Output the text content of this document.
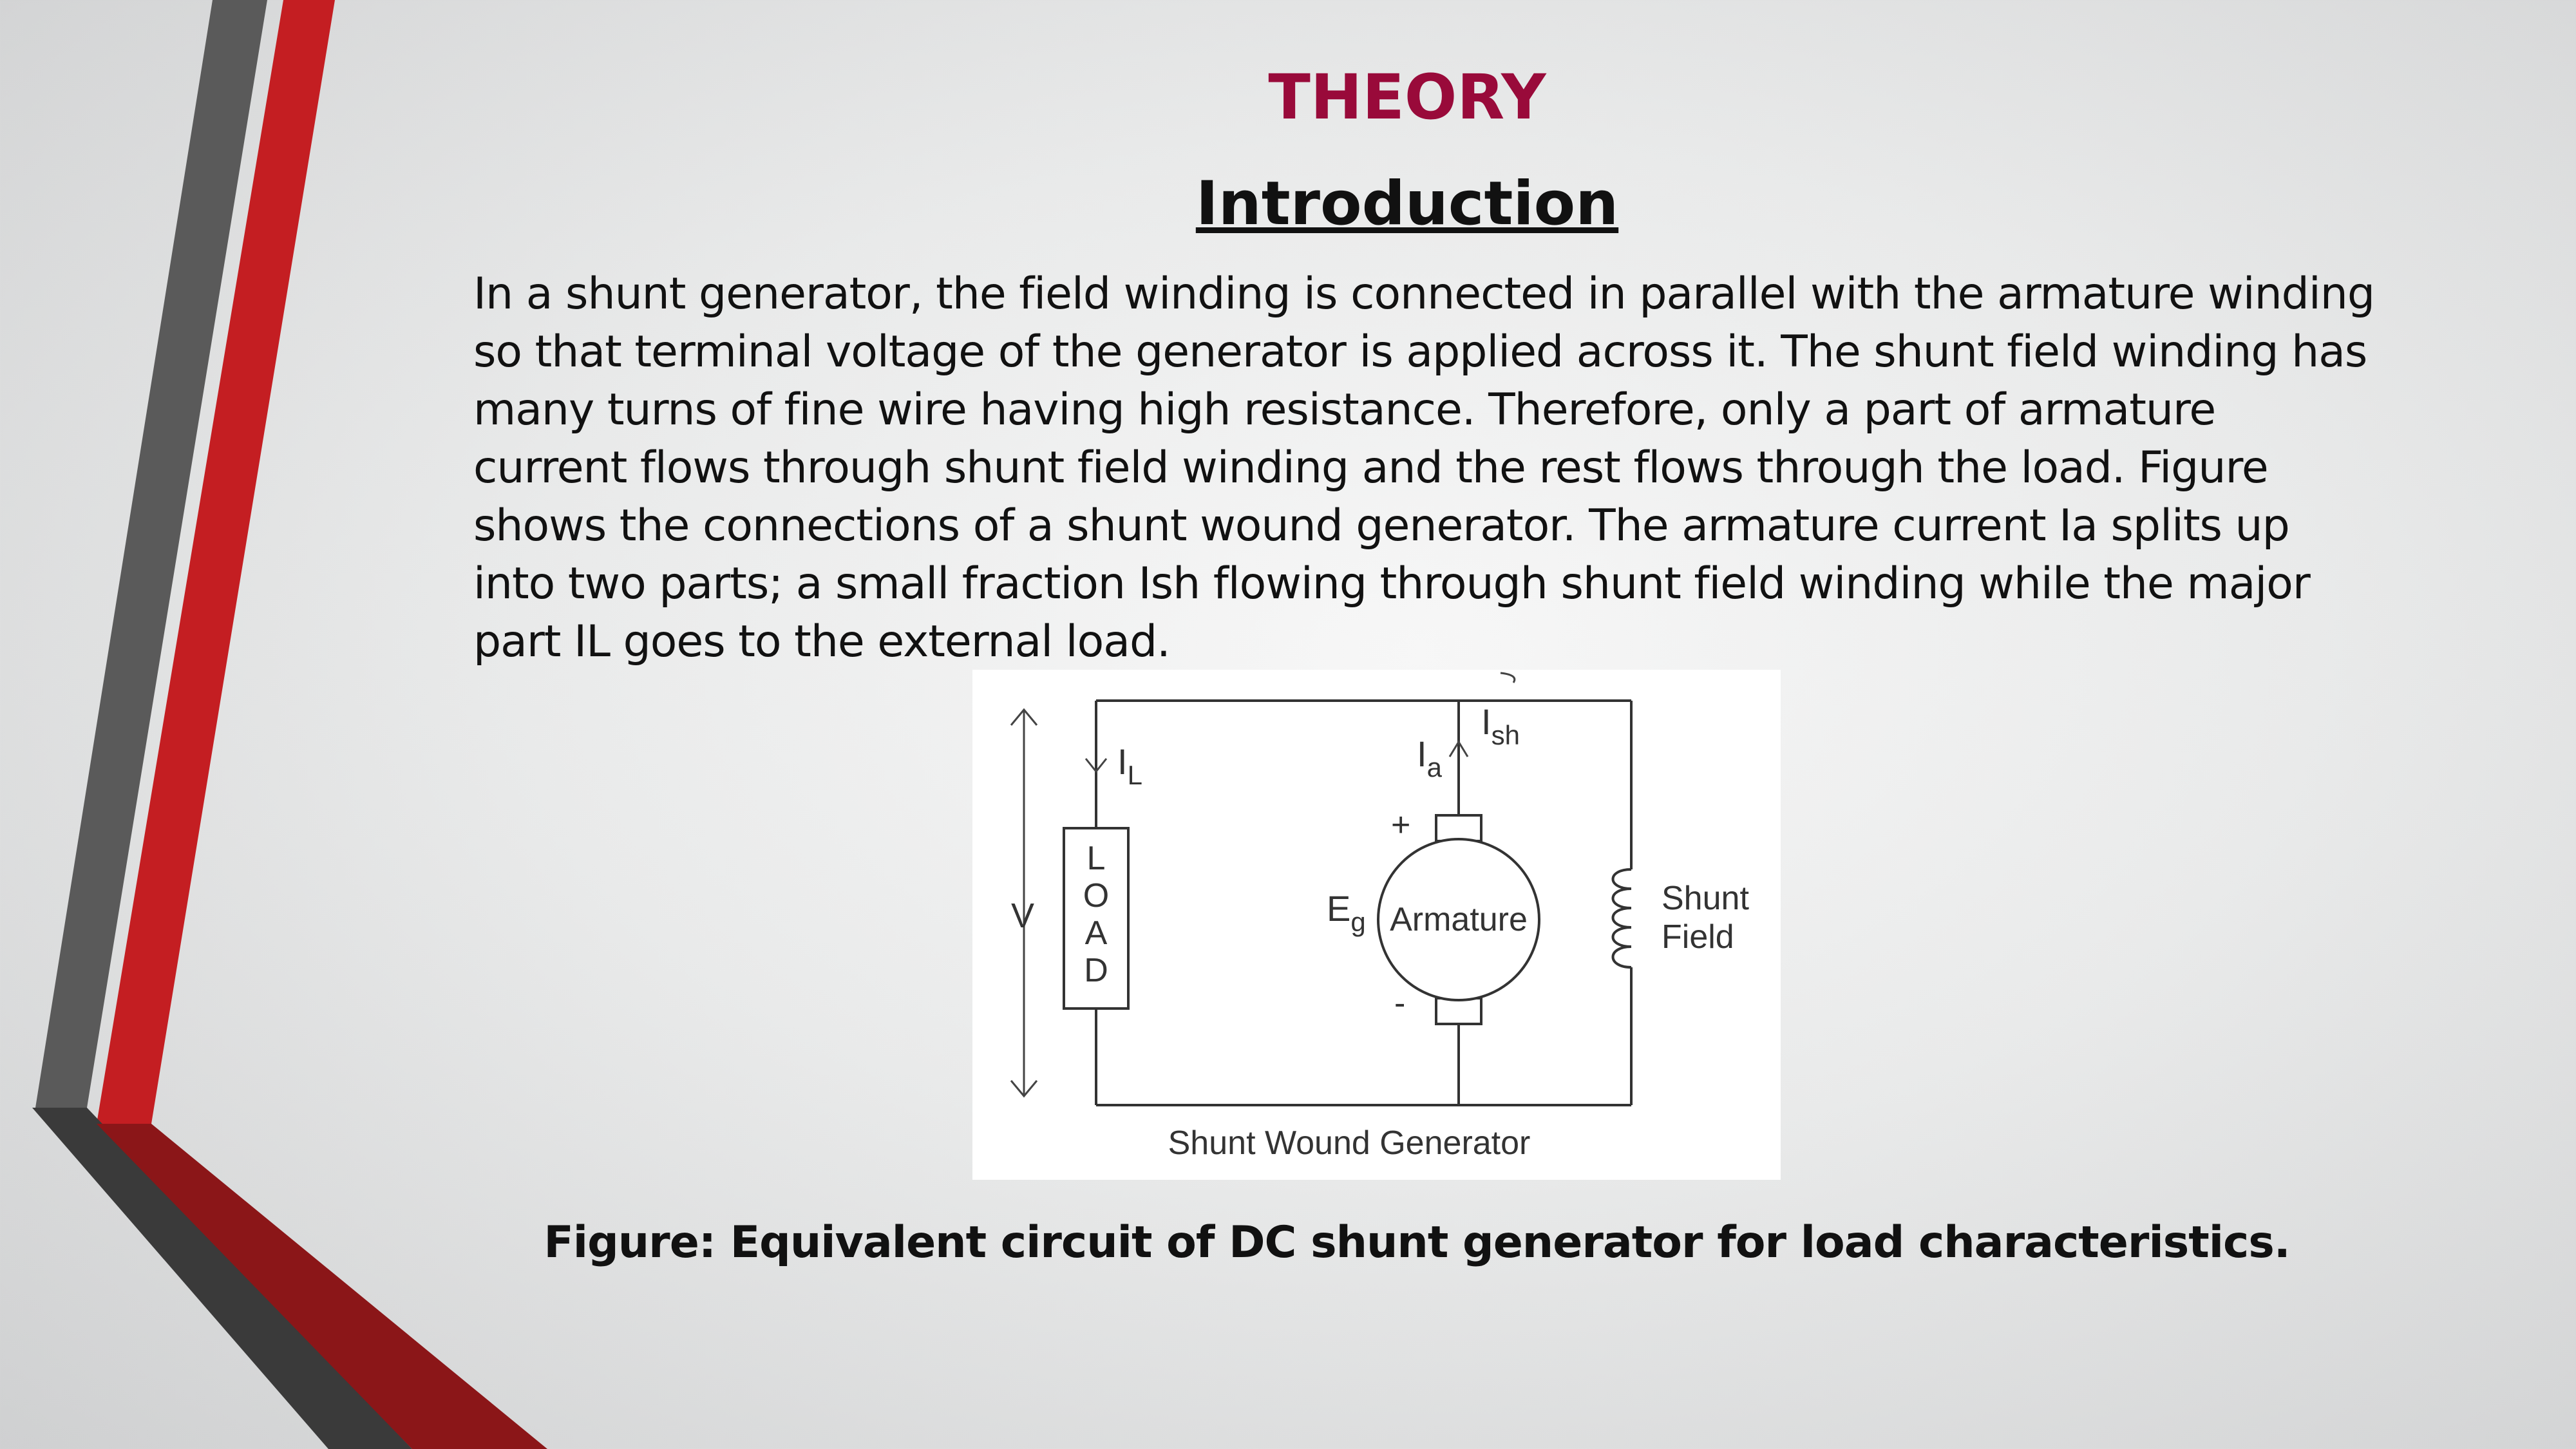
THEORY
Introduction

In a shunt generator, the field winding is connected in parallel with the armature winding so that terminal voltage of the generator is applied across it. The shunt field winding has many turns of fine wire having high resistance. Therefore, only a part of armature current flows through shunt field winding and the rest flows through the load. Figure shows the connections of a shunt wound generator. The armature current Ia splits up into two parts; a small fraction Ish flowing through shunt field winding while the major part IL goes to the external load.

$I_L$
$I_a$
$I_{sh}$
V
L
O
A
D
+
-
$E_g$ Armature
Shunt
Field
Shunt Wound Generator

Figure: Equivalent circuit of DC shunt generator for load characteristics.
